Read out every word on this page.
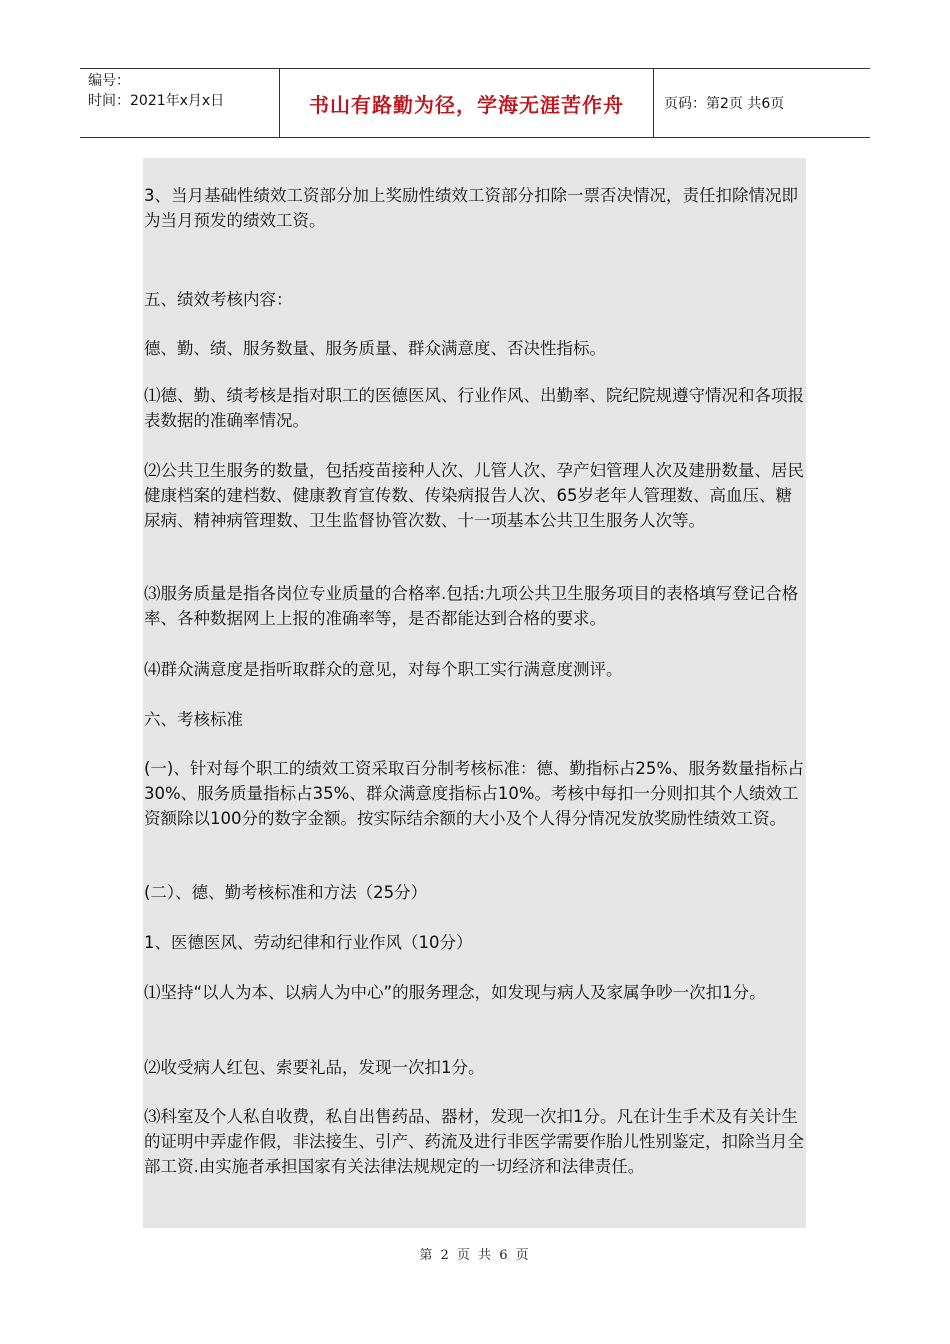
编号：
时间：2021年x月x日	书山有路勤为径，学海无涯苦作舟	页码：第2页 共6页

3、当月基础性绩效工资部分加上奖励性绩效工资部分扣除一票否决情况，责任扣除情况即为当月预发的绩效工资。

五、绩效考核内容：

德、勤、绩、服务数量、服务质量、群众满意度、否决性指标。

⑴德、勤、绩考核是指对职工的医德医风、行业作风、出勤率、院纪院规遵守情况和各项报表数据的准确率情况。

⑵公共卫生服务的数量，包括疫苗接种人次、儿管人次、孕产妇管理人次及建册数量、居民健康档案的建档数、健康教育宣传数、传染病报告人次、65岁老年人管理数、高血压、糖尿病、精神病管理数、卫生监督协管次数、十一项基本公共卫生服务人次等。

⑶服务质量是指各岗位专业质量的合格率.包括:九项公共卫生服务项目的表格填写登记合格率、各种数据网上上报的准确率等，是否都能达到合格的要求。

⑷群众满意度是指听取群众的意见，对每个职工实行满意度测评。

六、考核标准

(一)、针对每个职工的绩效工资采取百分制考核标准：德、勤指标占25%、服务数量指标占30%、服务质量指标占35%、群众满意度指标占10%。考核中每扣一分则扣其个人绩效工资额除以100分的数字金额。按实际结余额的大小及个人得分情况发放奖励性绩效工资。

(二）、德、勤考核标准和方法（25分）

1、医德医风、劳动纪律和行业作风（10分）

⑴坚持“以人为本、以病人为中心”的服务理念，如发现与病人及家属争吵一次扣1分。

⑵收受病人红包、索要礼品，发现一次扣1分。

⑶科室及个人私自收费，私自出售药品、器材，发现一次扣1分。凡在计生手术及有关计生的证明中弄虚作假，非法接生、引产、药流及进行非医学需要作胎儿性别鉴定，扣除当月全部工资.由实施者承担国家有关法律法规规定的一切经济和法律责任。

第 2 页 共 6 页
